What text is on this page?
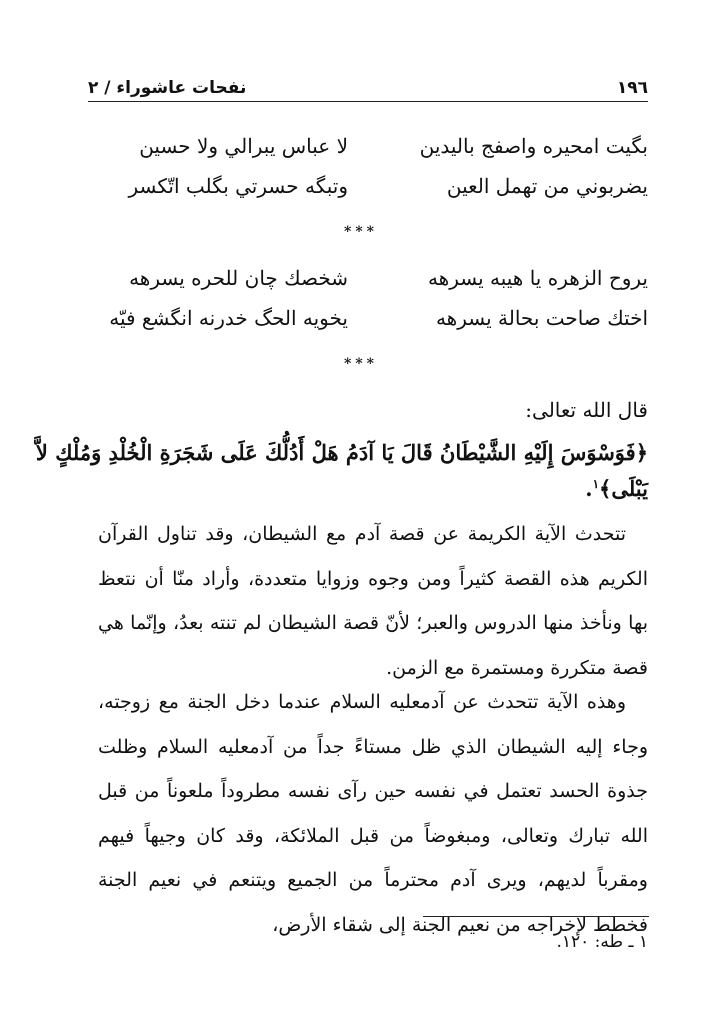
١٩٦
نفحات عاشوراء / ٢
بگيت امحيره واصفج باليدين
لا عباس يبرالي ولا حسين
يضربوني من تهمل العين
وتبگه حسرتي بگلب اتّكسر
***
يروح الزهره يا هيبه يسرهه
شخصك چان للحره يسرهه
اختك صاحت بحالة يسرهه
يخويه الحگ خدرنه انگشع فيّه
***
قال الله تعالى:
﴿فَوَسْوَسَ إِلَيْهِ الشَّيْطَانُ قَالَ يَا آدَمُ هَلْ أَدُلُّكَ عَلَى شَجَرَةِ الْخُلْدِ وَمُلْكٍ لاَّ
يَبْلَى﴾$^١$.
تتحدث الآية الكريمة عن قصة آدم مع الشيطان، وقد تناول القرآن الكريم هذه القصة كثيراً ومن وجوه وزوايا متعددة، وأراد منّا أن نتعظ بها ونأخذ منها الدروس والعبر؛ لأنّ قصة الشيطان لم تنته بعدُ، وإنّما هي قصة متكررة ومستمرة مع الزمن.
وهذه الآية تتحدث عن آدمعليه السلام عندما دخل الجنة مع زوجته، وجاء إليه الشيطان الذي ظل مستاءً جداً من آدمعليه السلام وظلت جذوة الحسد تعتمل في نفسه حين رآى نفسه مطروداً ملعوناً من قبل الله تبارك وتعالى، ومبغوضاً من قبل الملائكة، وقد كان وجيهاً فيهم ومقرباً لديهم، ويرى آدم محترماً من الجميع ويتنعم في نعيم الجنة فخطط لإخراجه من نعيم الجنة إلى شقاء الأرض،
١ ـ طه: ١٢٠.
